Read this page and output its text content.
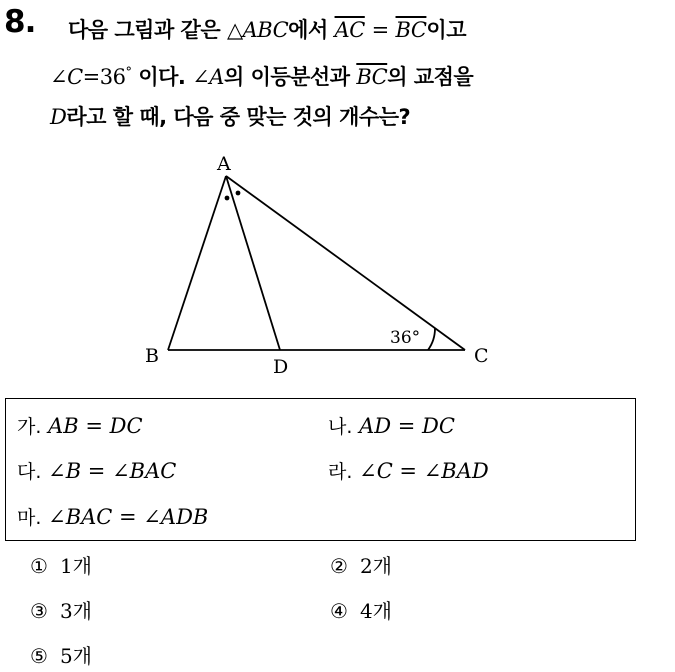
8. 다음 그림과 같은 △ABC에서 $\overline{AC} = \overline{BC}$이고
∠C=36° 이다. ∠A의 이등분선과 $\overline{BC}$의 교점을
D라고 할 때, 다음 중 맞는 것의 개수는?
A
B	C
D
36°
가. AB = DC	나. AD = DC
다. ∠B = ∠BAC	라. ∠C = ∠BAD
마. ∠BAC = ∠ADB
① 1개	② 2개
③ 3개	④ 4개
⑤ 5개
